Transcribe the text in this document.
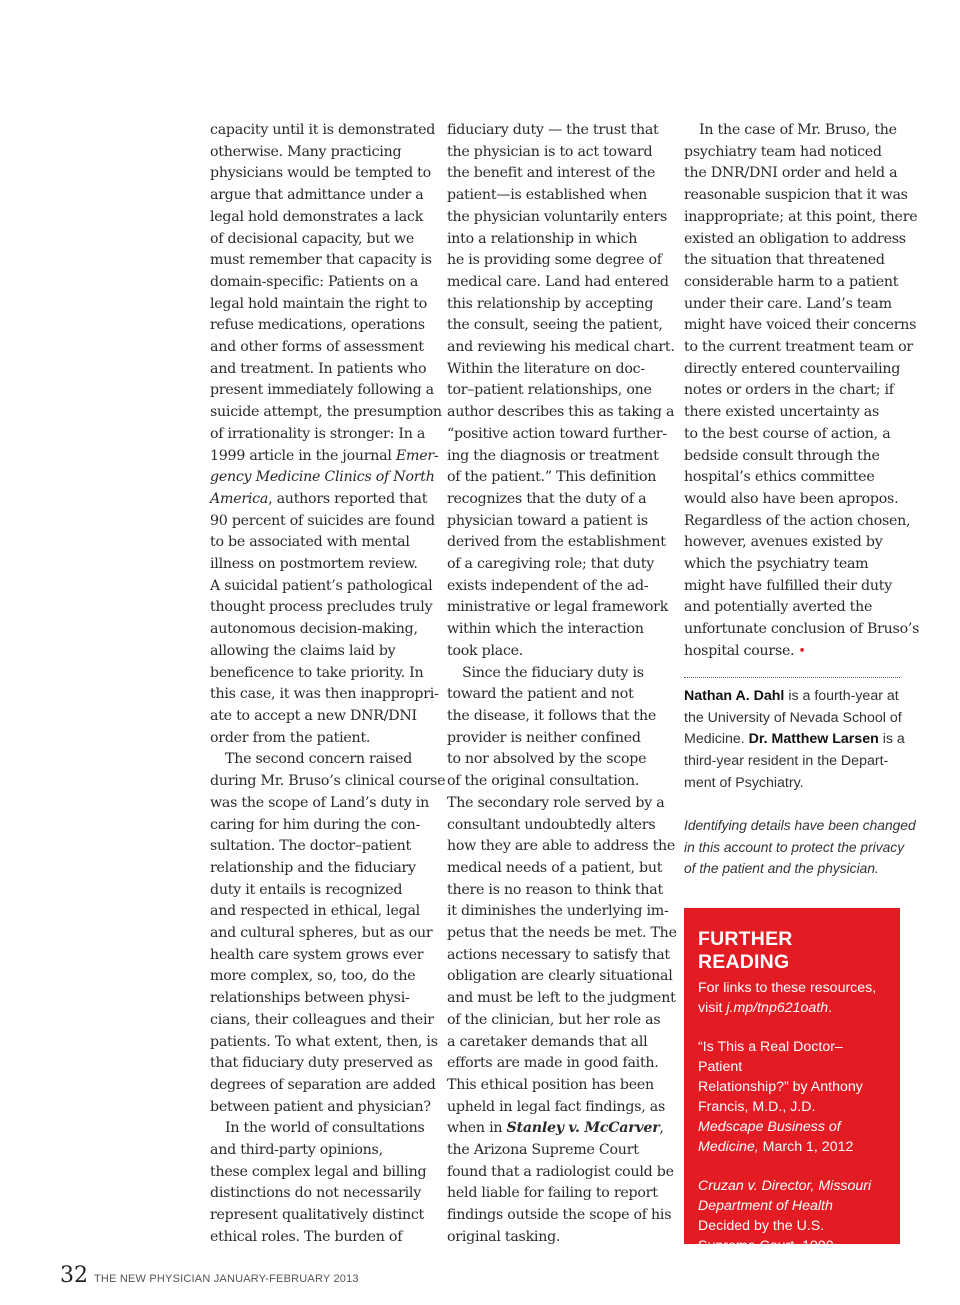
capacity until it is demonstrated
otherwise. Many practicing
physicians would be tempted to
argue that admittance under a
legal hold demonstrates a lack
of decisional capacity, but we
must remember that capacity is
domain-specific: Patients on a
legal hold maintain the right to
refuse medications, operations
and other forms of assessment
and treatment. In patients who
present immediately following a
suicide attempt, the presumption
of irrationality is stronger: In a
1999 article in the journal Emer-
gency Medicine Clinics of North
America, authors reported that
90 percent of suicides are found
to be associated with mental
illness on postmortem review.
A suicidal patient’s pathological
thought process precludes truly
autonomous decision-making,
allowing the claims laid by
beneficence to take priority. In
this case, it was then inappropri-
ate to accept a new DNR/DNI
order from the patient.

The second concern raised
during Mr. Bruso’s clinical course
was the scope of Land’s duty in
caring for him during the con-
sultation. The doctor–patient
relationship and the fiduciary
duty it entails is recognized
and respected in ethical, legal
and cultural spheres, but as our
health care system grows ever
more complex, so, too, do the
relationships between physi-
cians, their colleagues and their
patients. To what extent, then, is
that fiduciary duty preserved as
degrees of separation are added
between patient and physician?

In the world of consultations
and third-party opinions,
these complex legal and billing
distinctions do not necessarily
represent qualitatively distinct
ethical roles. The burden of

fiduciary duty — the trust that
the physician is to act toward
the benefit and interest of the
patient—is established when
the physician voluntarily enters
into a relationship in which
he is providing some degree of
medical care. Land had entered
this relationship by accepting
the consult, seeing the patient,
and reviewing his medical chart.
Within the literature on doc-
tor–patient relationships, one
author describes this as taking a
“positive action toward further-
ing the diagnosis or treatment
of the patient.” This definition
recognizes that the duty of a
physician toward a patient is
derived from the establishment
of a caregiving role; that duty
exists independent of the ad-
ministrative or legal framework
within which the interaction
took place.

Since the fiduciary duty is
toward the patient and not
the disease, it follows that the
provider is neither confined
to nor absolved by the scope
of the original consultation.
The secondary role served by a
consultant undoubtedly alters
how they are able to address the
medical needs of a patient, but
there is no reason to think that
it diminishes the underlying im-
petus that the needs be met. The
actions necessary to satisfy that
obligation are clearly situational
and must be left to the judgment
of the clinician, but her role as
a caretaker demands that all
efforts are made in good faith.
This ethical position has been
upheld in legal fact findings, as
when in Stanley v. McCarver,
the Arizona Supreme Court
found that a radiologist could be
held liable for failing to report
findings outside the scope of his
original tasking.

In the case of Mr. Bruso, the
psychiatry team had noticed
the DNR/DNI order and held a
reasonable suspicion that it was
inappropriate; at this point, there
existed an obligation to address
the situation that threatened
considerable harm to a patient
under their care. Land’s team
might have voiced their concerns
to the current treatment team or
directly entered countervailing
notes or orders in the chart; if
there existed uncertainty as
to the best course of action, a
bedside consult through the
hospital’s ethics committee
would also have been apropos.
Regardless of the action chosen,
however, avenues existed by
which the psychiatry team
might have fulfilled their duty
and potentially averted the
unfortunate conclusion of Bruso’s
hospital course. •

Nathan A. Dahl is a fourth-year at
the University of Nevada School of
Medicine. Dr. Matthew Larsen is a
third-year resident in the Depart-
ment of Psychiatry.
Identifying details have been changed
in this account to protect the privacy
of the patient and the physician.
FURTHER READING
For links to these resources,
visit j.mp/tnp621oath.
“Is This a Real Doctor–Patient
Relationship?” by Anthony
Francis, M.D., J.D.
Medscape Business of
Medicine, March 1, 2012
Cruzan v. Director, Missouri
Department of Health
Decided by the U.S.
Supreme Court, 1990
32 THE NEW PHYSICIAN JANUARY-FEBRUARY 2013
